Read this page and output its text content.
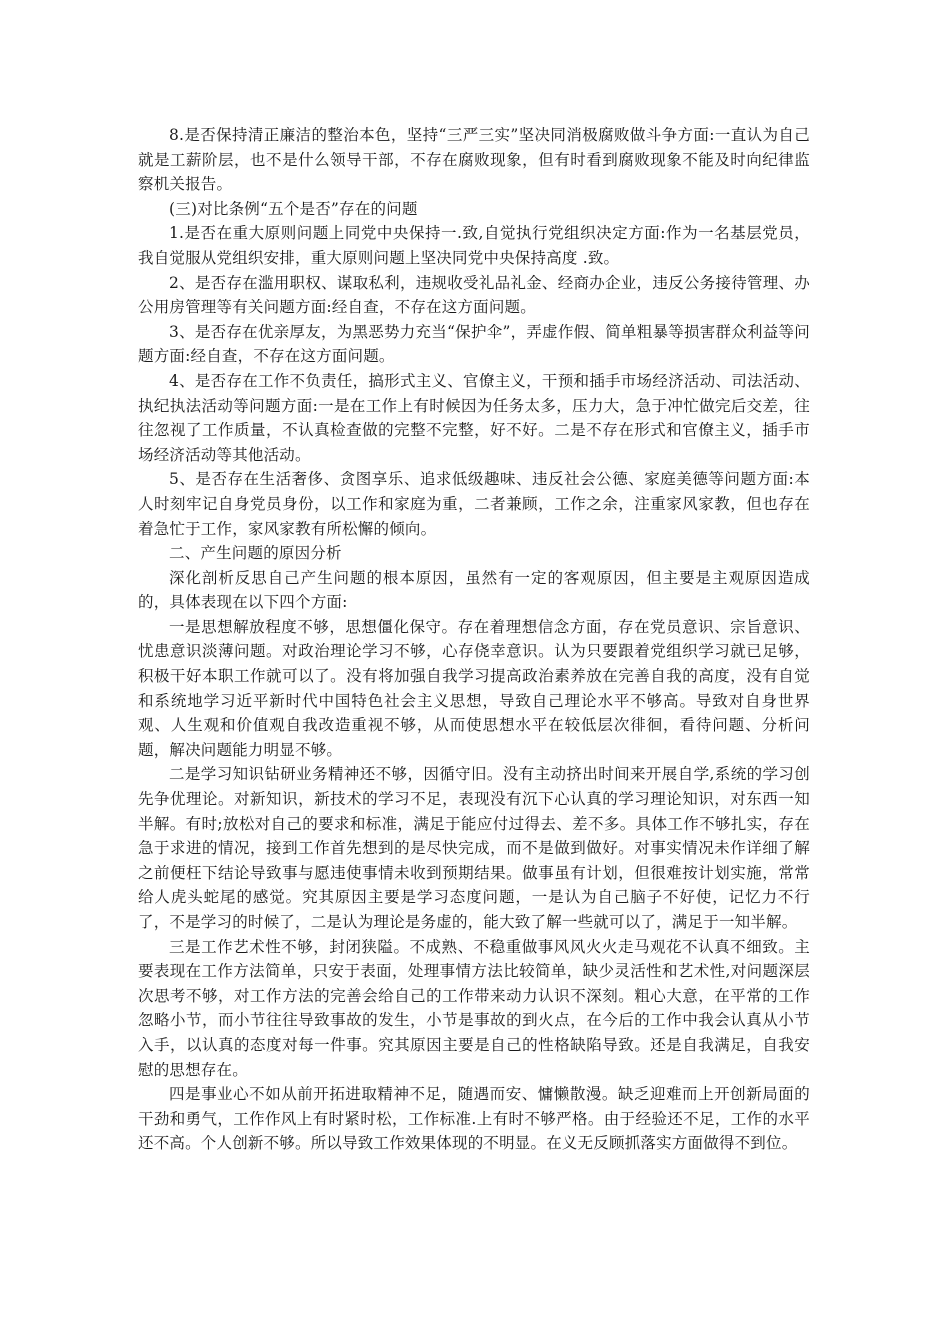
8.是否保持清正廉洁的整治本色，坚持“三严三实”坚决同消极腐败做斗争方面:一直认为自己就是工薪阶层，也不是什么领导干部，不存在腐败现象，但有时看到腐败现象不能及时向纪律监察机关报告。

(三)对比条例“五个是否”存在的问题

1.是否在重大原则问题上同党中央保持一.致,自觉执行党组织决定方面:作为一名基层党员，我自觉服从党组织安排，重大原则问题上坚决同党中央保持高度 .致。

2、是否存在滥用职权、谋取私利，违规收受礼品礼金、经商办企业，违反公务接待管理、办公用房管理等有关问题方面:经自查，不存在这方面问题。

3、是否存在优亲厚友，为黑恶势力充当“保护伞”，弄虚作假、简单粗暴等损害群众利益等问题方面:经自查，不存在这方面问题。

4、是否存在工作不负责任，搞形式主义、官僚主义，干预和插手市场经济活动、司法活动、执纪执法活动等问题方面:一是在工作上有时候因为任务太多，压力大，急于冲忙做完后交差，往往忽视了工作质量，不认真检查做的完整不完整，好不好。二是不存在形式和官僚主义，插手市场经济活动等其他活动。

5、是否存在生活奢侈、贪图享乐、追求低级趣味、违反社会公德、家庭美德等问题方面:本人时刻牢记自身党员身份，以工作和家庭为重，二者兼顾，工作之余，注重家风家教，但也存在着急忙于工作，家风家教有所松懈的倾向。

二、产生问题的原因分析

深化剖析反思自己产生问题的根本原因，虽然有一定的客观原因，但主要是主观原因造成的，具体表现在以下四个方面:

一是思想解放程度不够，思想僵化保守。存在着理想信念方面，存在党员意识、宗旨意识、忧患意识淡薄问题。对政治理论学习不够，心存侥幸意识。认为只要跟着党组织学习就已足够，积极干好本职工作就可以了。没有将加强自我学习提高政治素养放在完善自我的高度，没有自觉和系统地学习近平新时代中国特色社会主义思想，导致自己理论水平不够高。导致对自身世界观、人生观和价值观自我改造重视不够，从而使思想水平在较低层次徘徊，看待问题、分析问题，解决问题能力明显不够。

二是学习知识钻研业务精神还不够，因循守旧。没有主动挤出时间来开展自学,系统的学习创先争优理论。对新知识，新技术的学习不足，表现没有沉下心认真的学习理论知识，对东西一知半解。有时;放松对自己的要求和标准，满足于能应付过得去、差不多。具体工作不够扎实，存在急于求进的情况，接到工作首先想到的是尽快完成，而不是做到做好。对事实情况未作详细了解之前便枉下结论导致事与愿违使事情未收到预期结果。做事虽有计划，但很难按计划实施，常常给人虎头蛇尾的感觉。究其原因主要是学习态度问题，一是认为自己脑子不好使，记忆力不行了，不是学习的时候了，二是认为理论是务虚的，能大致了解一些就可以了，满足于一知半解。

三是工作艺术性不够，封闭狭隘。不成熟、不稳重做事风风火火走马观花不认真不细致。主要表现在工作方法简单，只安于表面，处理事情方法比较简单，缺少灵活性和艺术性,对问题深层次思考不够，对工作方法的完善会给自己的工作带来动力认识不深刻。粗心大意，在平常的工作忽略小节，而小节往往导致事故的发生，小节是事故的到火点，在今后的工作中我会认真从小节入手，以认真的态度对每一件事。究其原因主要是自己的性格缺陷导致。还是自我满足，自我安慰的思想存在。

四是事业心不如从前开拓进取精神不足，随遇而安、慵懒散漫。缺乏迎难而上开创新局面的干劲和勇气，工作作风上有时紧时松，工作标准.上有时不够严格。由于经验还不足，工作的水平还不高。个人创新不够。所以导致工作效果体现的不明显。在义无反顾抓落实方面做得不到位。
